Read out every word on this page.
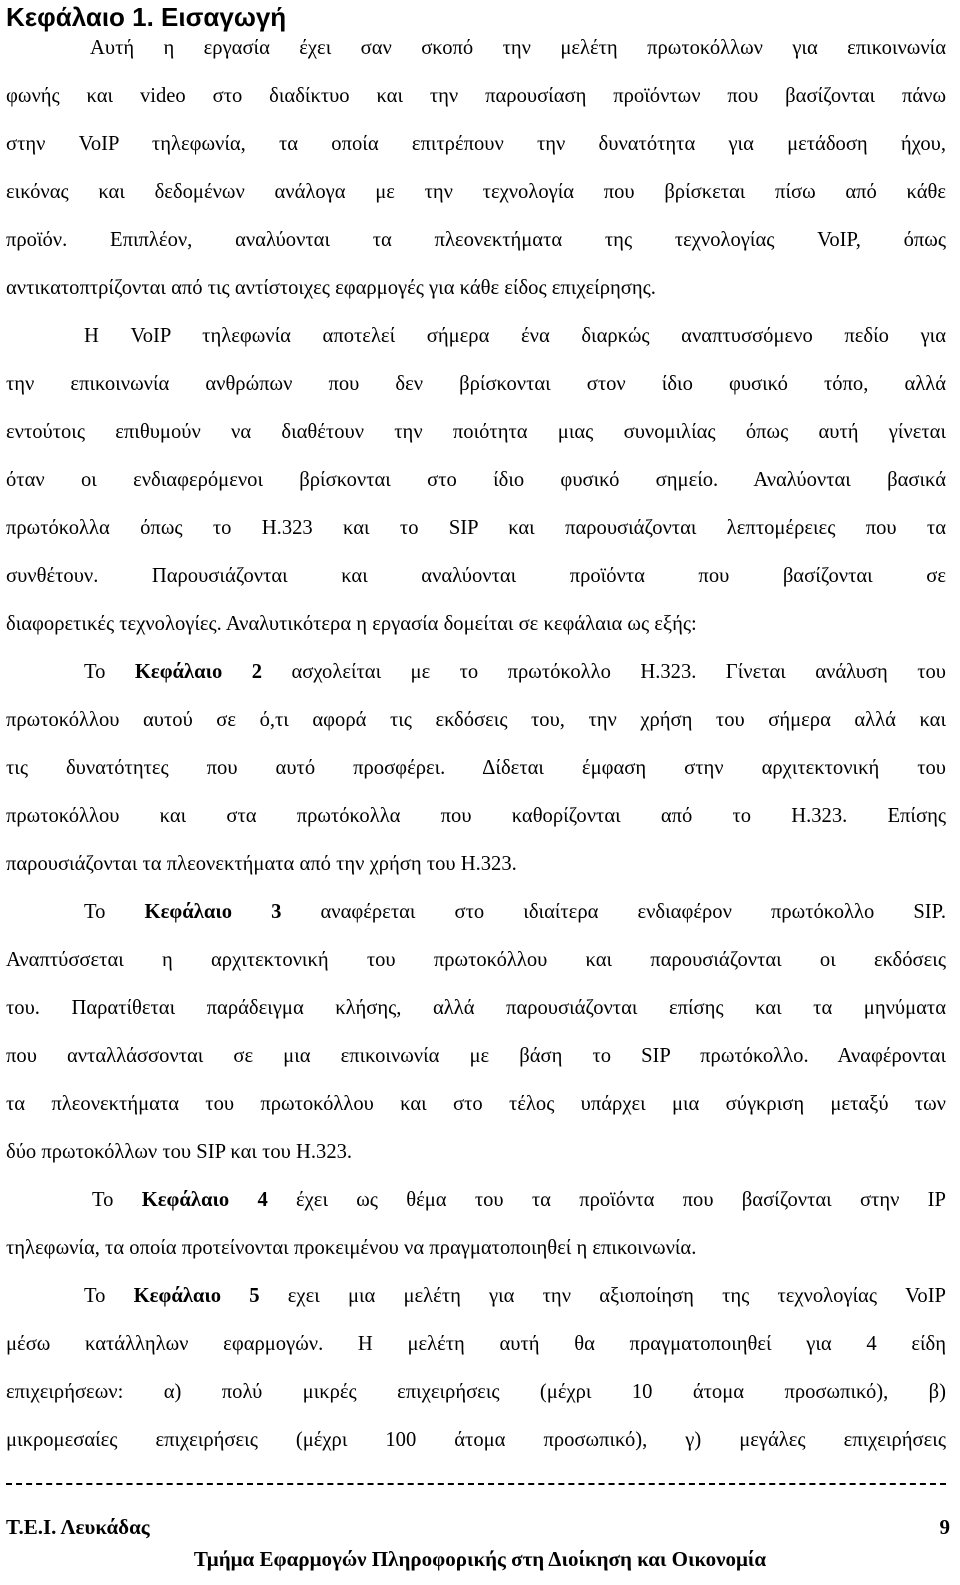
Κεφάλαιο 1. Εισαγωγή
Αυτή η εργασία έχει σαν σκοπό την μελέτη πρωτοκόλλων για επικοινωνία
φωνής και video στο διαδίκτυο και την παρουσίαση προϊόντων που βασίζονται πάνω
στην VoIP τηλεφωνία, τα οποία επιτρέπουν την δυνατότητα για μετάδοση ήχου,
εικόνας και δεδομένων ανάλογα με την τεχνολογία που βρίσκεται πίσω από κάθε
προϊόν. Επιπλέον, αναλύονται τα πλεονεκτήματα της τεχνολογίας VoIP, όπως
αντικατοπτρίζονται από τις αντίστοιχες εφαρμογές για κάθε είδος επιχείρησης.
Η VoIP τηλεφωνία αποτελεί σήμερα ένα διαρκώς αναπτυσσόμενο πεδίο για
την επικοινωνία ανθρώπων που δεν βρίσκονται στον ίδιο φυσικό τόπο, αλλά
εντούτοις επιθυμούν να διαθέτουν την ποιότητα μιας συνομιλίας όπως αυτή γίνεται
όταν οι ενδιαφερόμενοι βρίσκονται στο ίδιο φυσικό σημείο. Αναλύονται βασικά
πρωτόκολλα όπως το H.323 και το SIP και παρουσιάζονται λεπτομέρειες που τα
συνθέτουν. Παρουσιάζονται και αναλύονται προϊόντα που βασίζονται σε
διαφορετικές τεχνολογίες. Αναλυτικότερα η εργασία δομείται σε κεφάλαια ως εξής:
Το Κεφάλαιο 2 ασχολείται με το πρωτόκολλο H.323. Γίνεται ανάλυση του
πρωτοκόλλου αυτού σε ό,τι αφορά τις εκδόσεις του, την χρήση του σήμερα αλλά και
τις δυνατότητες που αυτό προσφέρει. Δίδεται έμφαση στην αρχιτεκτονική του
πρωτοκόλλου και στα πρωτόκολλα που καθορίζονται από το H.323. Επίσης
παρουσιάζονται τα πλεονεκτήματα από την χρήση του H.323.
Το Κεφάλαιο 3 αναφέρεται στο ιδιαίτερα ενδιαφέρον πρωτόκολλο SIP.
Αναπτύσσεται η αρχιτεκτονική του πρωτοκόλλου και παρουσιάζονται οι εκδόσεις
του. Παρατίθεται παράδειγμα κλήσης, αλλά παρουσιάζονται επίσης και τα μηνύματα
που ανταλλάσσονται σε μια επικοινωνία με βάση το SIP πρωτόκολλο. Αναφέρονται
τα πλεονεκτήματα του πρωτοκόλλου και στο τέλος υπάρχει μια σύγκριση μεταξύ των
δύο πρωτοκόλλων του SIP και του H.323.
Το Κεφάλαιο 4 έχει ως θέμα του τα προϊόντα που βασίζονται στην IP
τηλεφωνία, τα οποία προτείνονται προκειμένου να πραγματοποιηθεί η επικοινωνία.
Το Κεφάλαιο 5 εχει μια μελέτη για την αξιοποίηση της τεχνολογίας VoIP
μέσω κατάλληλων εφαρμογών. Η μελέτη αυτή θα πραγματοποιηθεί για 4 είδη
επιχειρήσεων: α) πολύ μικρές επιχειρήσεις (μέχρι 10 άτομα προσωπικό), β)
μικρομεσαίες επιχειρήσεις (μέχρι 100 άτομα προσωπικό), γ) μεγάλες επιχειρήσεις
Τ.Ε.Ι. Λευκάδας	9
Τμήμα Εφαρμογών Πληροφορικής στη Διοίκηση και Οικονομία
